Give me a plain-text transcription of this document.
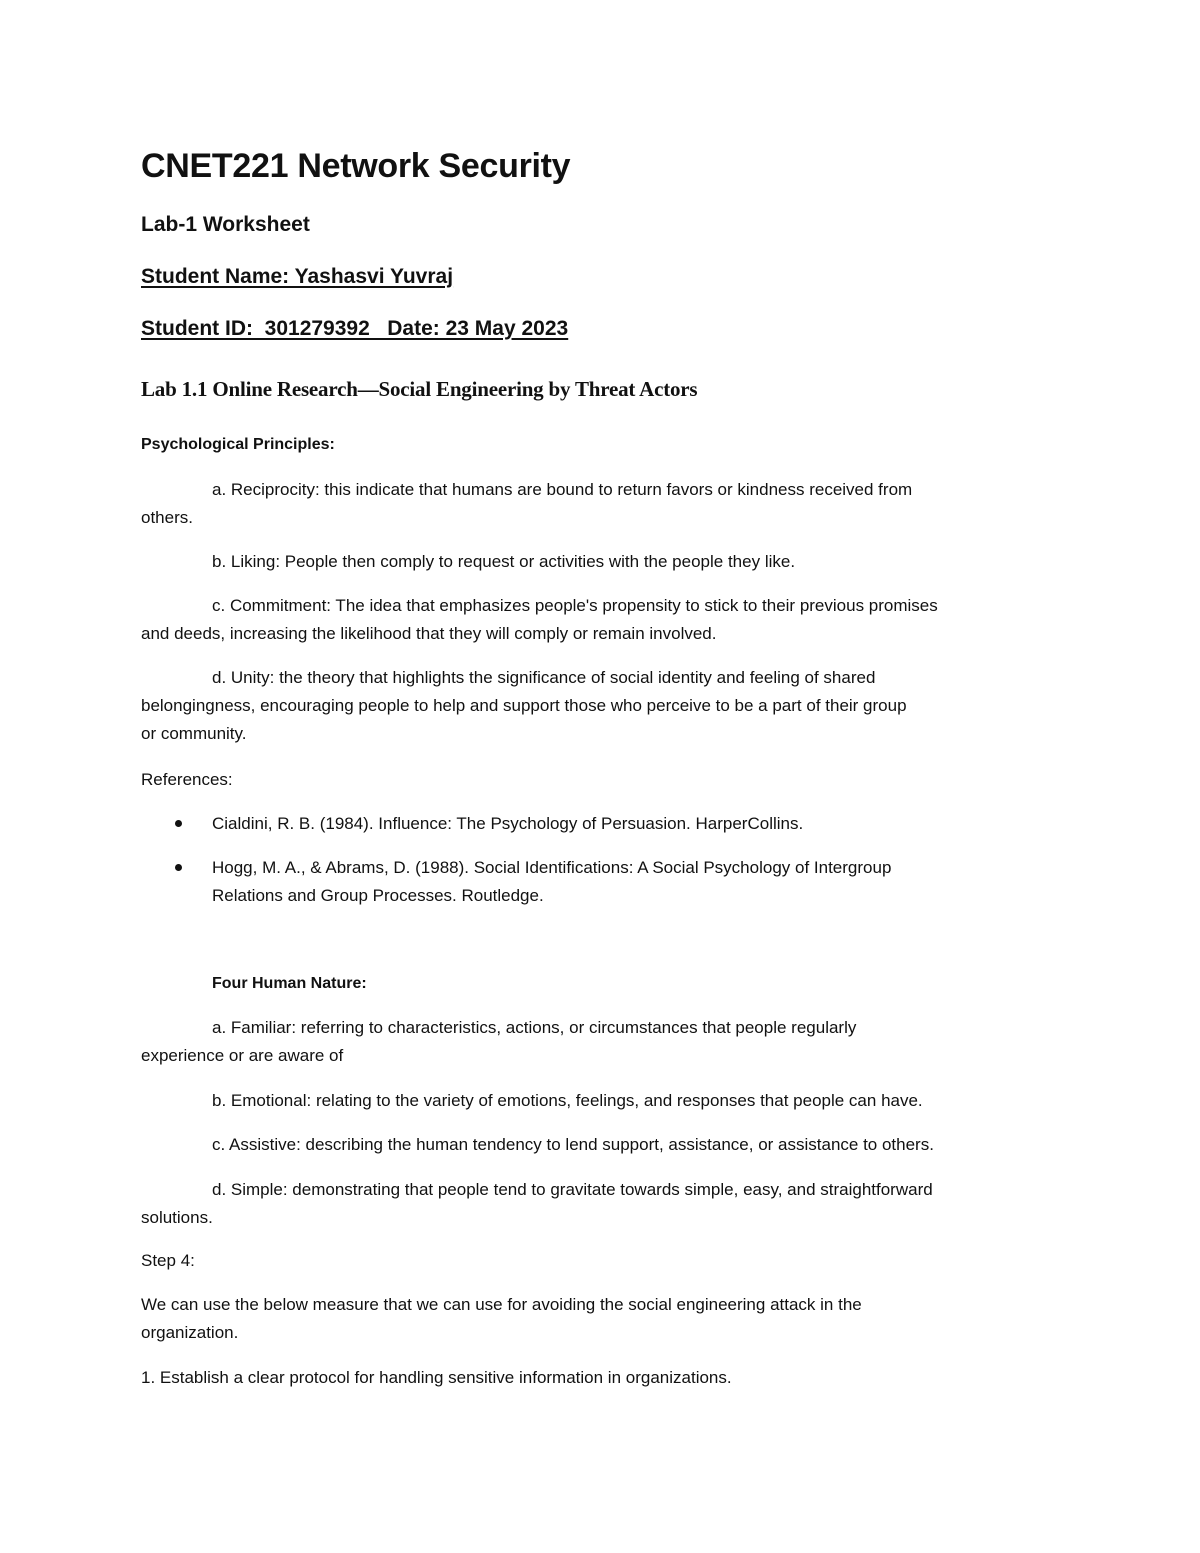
CNET221 Network Security
Lab-1 Worksheet
Student Name: Yashasvi Yuvraj
Student ID:  301279392   Date: 23 May 2023
Lab 1.1 Online Research—Social Engineering by Threat Actors
Psychological Principles:
a. Reciprocity: this indicate that humans are bound to return favors or kindness received from
others.
b. Liking: People then comply to request or activities with the people they like.
c. Commitment: The idea that emphasizes people's propensity to stick to their previous promises
and deeds, increasing the likelihood that they will comply or remain involved.
d. Unity: the theory that highlights the significance of social identity and feeling of shared
belongingness, encouraging people to help and support those who perceive to be a part of their group
or community.
References:
Cialdini, R. B. (1984). Influence: The Psychology of Persuasion. HarperCollins.
Hogg, M. A., & Abrams, D. (1988). Social Identifications: A Social Psychology of Intergroup
Relations and Group Processes. Routledge.
Four Human Nature:
a. Familiar: referring to characteristics, actions, or circumstances that people regularly
experience or are aware of
b. Emotional: relating to the variety of emotions, feelings, and responses that people can have.
c. Assistive: describing the human tendency to lend support, assistance, or assistance to others.
d. Simple: demonstrating that people tend to gravitate towards simple, easy, and straightforward
solutions.
Step 4:
We can use the below measure that we can use for avoiding the social engineering attack in the
organization.
1. Establish a clear protocol for handling sensitive information in organizations.
